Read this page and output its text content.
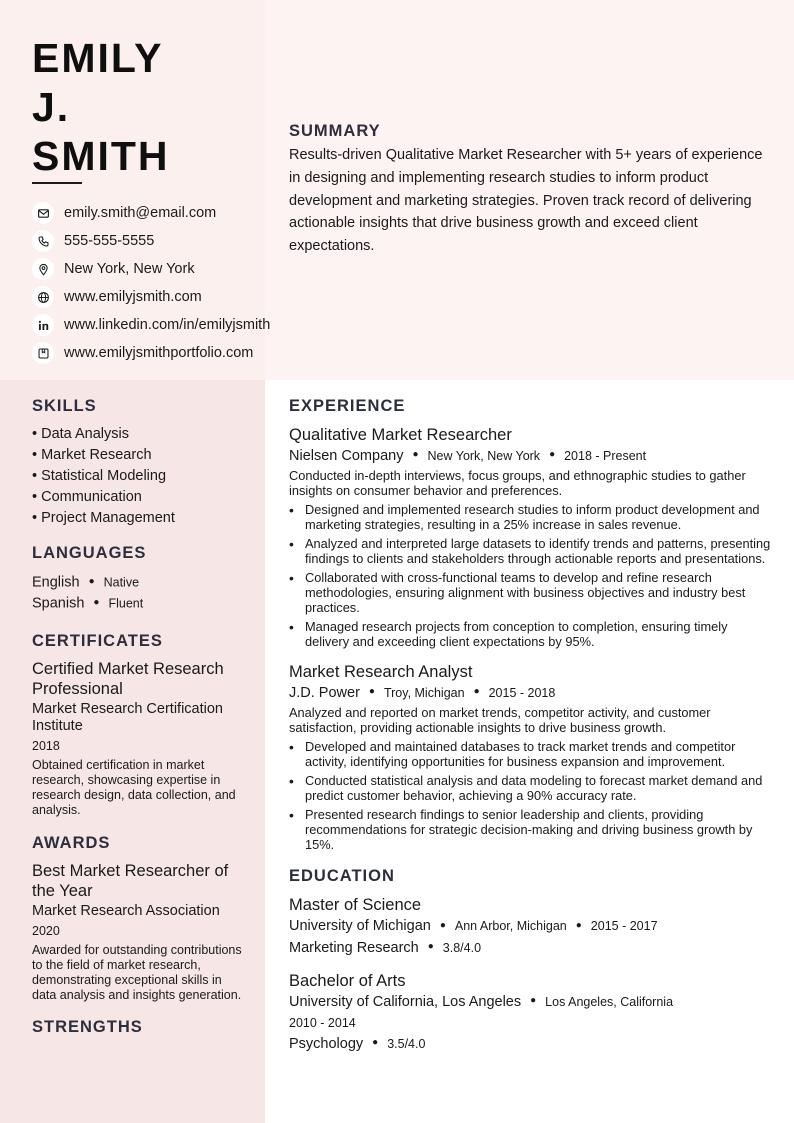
EMILY
J.
SMITH
emily.smith@email.com
555-555-5555
New York, New York
www.emilyjsmith.com
www.linkedin.com/in/emilyjsmith
www.emilyjsmithportfolio.com
SUMMARY

Results-driven Qualitative Market Researcher with 5+ years of experience in designing and implementing research studies to inform product development and marketing strategies. Proven track record of delivering actionable insights that drive business growth and exceed client expectations.

SKILLS
• Data Analysis
• Market Research
• Statistical Modeling
• Communication
• Project Management
LANGUAGES
English ● Native
Spanish ● Fluent
CERTIFICATES
Certified Market Research Professional
Market Research Certification Institute
2018
Obtained certification in market research, showcasing expertise in research design, data collection, and analysis.
AWARDS
Best Market Researcher of the Year
Market Research Association
2020
Awarded for outstanding contributions to the field of market research, demonstrating exceptional skills in data analysis and insights generation.
STRENGTHS
EXPERIENCE
Qualitative Market Researcher
Nielsen Company ● New York, New York ● 2018 - Present
Conducted in-depth interviews, focus groups, and ethnographic studies to gather insights on consumer behavior and preferences.
• Designed and implemented research studies to inform product development and marketing strategies, resulting in a 25% increase in sales revenue.
• Analyzed and interpreted large datasets to identify trends and patterns, presenting findings to clients and stakeholders through actionable reports and presentations.
• Collaborated with cross-functional teams to develop and refine research methodologies, ensuring alignment with business objectives and industry best practices.
• Managed research projects from conception to completion, ensuring timely delivery and exceeding client expectations by 95%.
Market Research Analyst
J.D. Power ● Troy, Michigan ● 2015 - 2018
Analyzed and reported on market trends, competitor activity, and customer satisfaction, providing actionable insights to drive business growth.
• Developed and maintained databases to track market trends and competitor activity, identifying opportunities for business expansion and improvement.
• Conducted statistical analysis and data modeling to forecast market demand and predict customer behavior, achieving a 90% accuracy rate.
• Presented research findings to senior leadership and clients, providing recommendations for strategic decision-making and driving business growth by 15%.
EDUCATION
Master of Science
University of Michigan ● Ann Arbor, Michigan ● 2015 - 2017
Marketing Research ● 3.8/4.0
Bachelor of Arts
University of California, Los Angeles ● Los Angeles, California
2010 - 2014
Psychology ● 3.5/4.0
